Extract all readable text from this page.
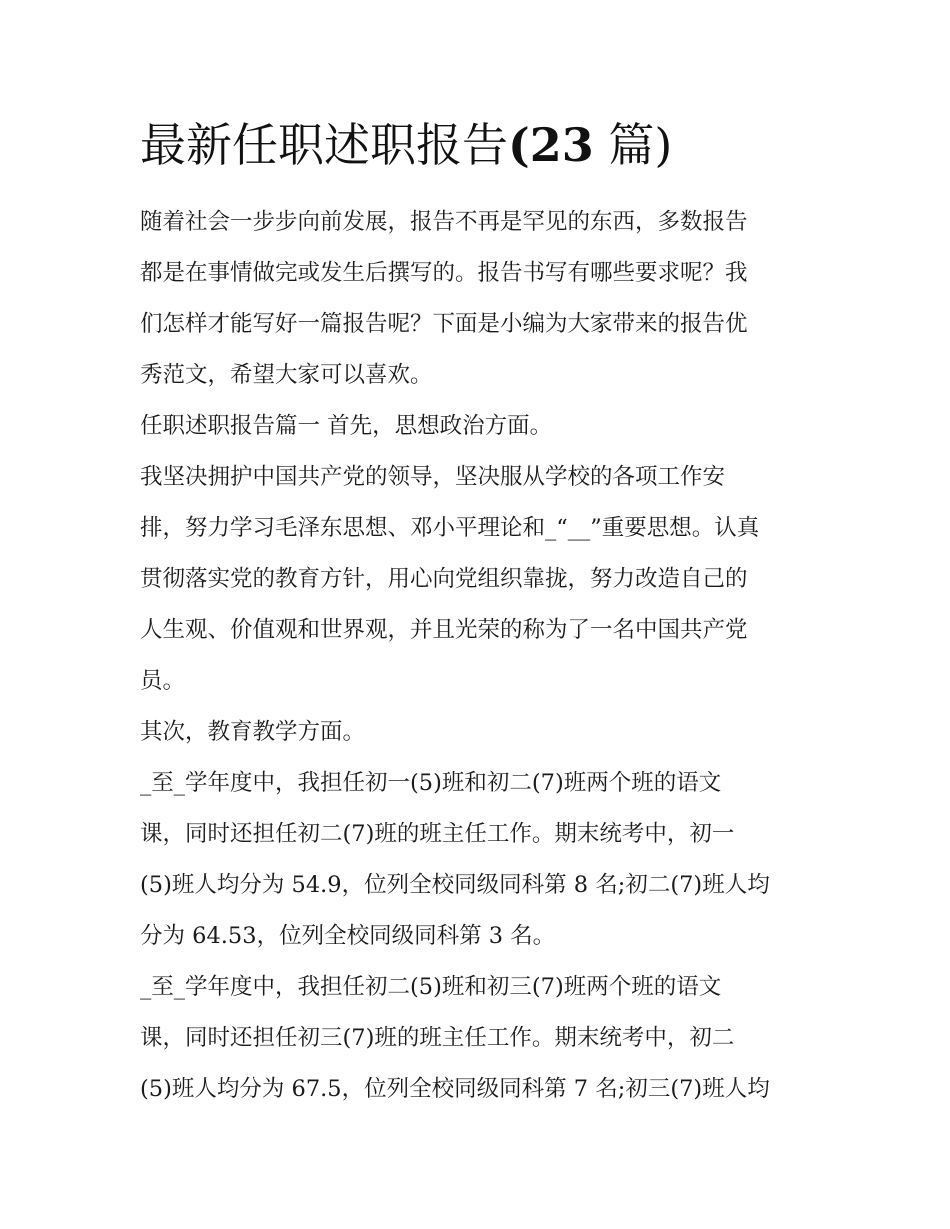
最新任职述职报告(23 篇)
随着社会一步步向前发展，报告不再是罕见的东西，多数报告
都是在事情做完或发生后撰写的。报告书写有哪些要求呢？我
们怎样才能写好一篇报告呢？下面是小编为大家带来的报告优
秀范文，希望大家可以喜欢。
任职述职报告篇一 首先，思想政治方面。
我坚决拥护中国共产党的领导，坚决服从学校的各项工作安
排，努力学习毛泽东思想、邓小平理论和_“__”重要思想。认真
贯彻落实党的教育方针，用心向党组织靠拢，努力改造自己的
人生观、价值观和世界观，并且光荣的称为了一名中国共产党
员。
其次，教育教学方面。
_至_学年度中，我担任初一(5)班和初二(7)班两个班的语文
课，同时还担任初二(7)班的班主任工作。期末统考中，初一
(5)班人均分为 54.9，位列全校同级同科第 8 名;初二(7)班人均
分为 64.53，位列全校同级同科第 3 名。
_至_学年度中，我担任初二(5)班和初三(7)班两个班的语文
课，同时还担任初三(7)班的班主任工作。期末统考中，初二
(5)班人均分为 67.5，位列全校同级同科第 7 名;初三(7)班人均
